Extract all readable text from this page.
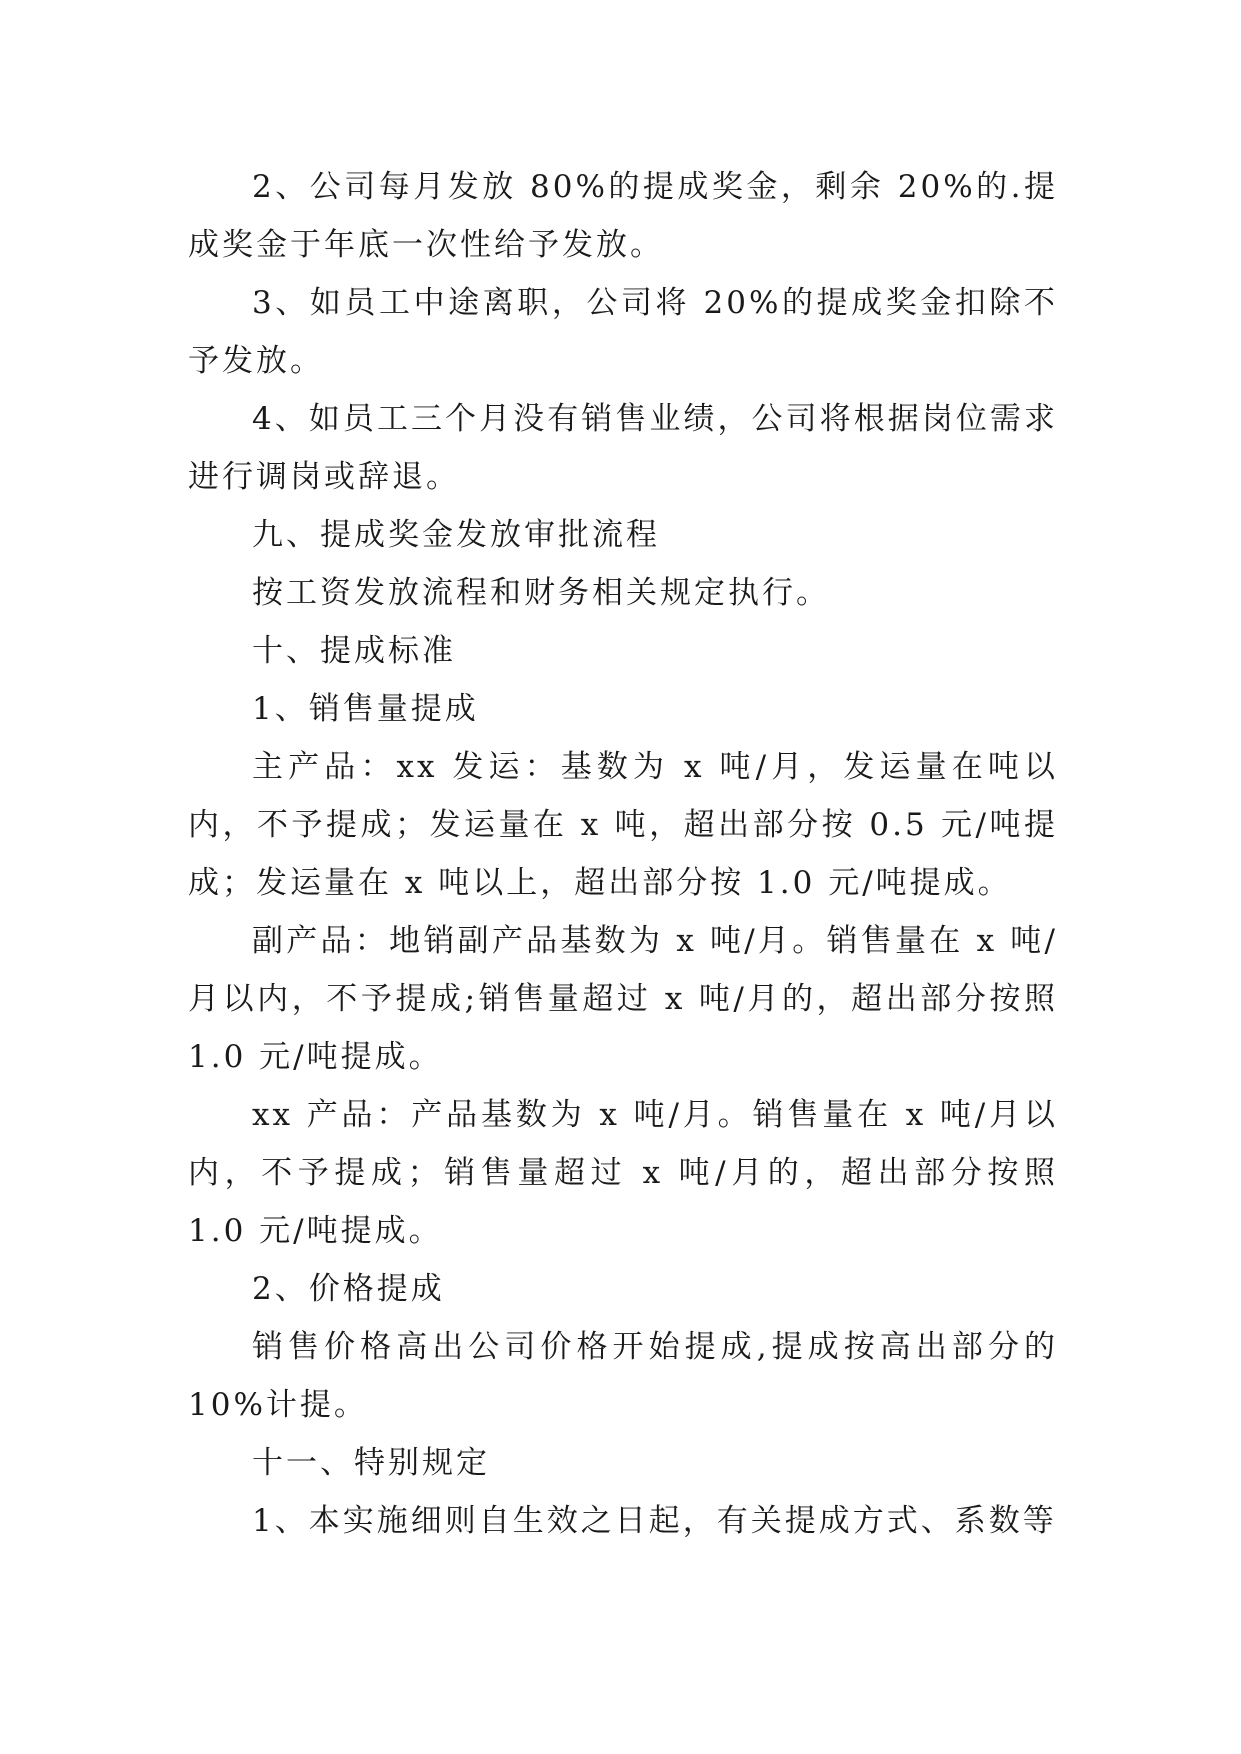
2、公司每月发放 80%的提成奖金，剩余 20%的.提成奖金于年底一次性给予发放。

3、如员工中途离职，公司将 20%的提成奖金扣除不予发放。

4、如员工三个月没有销售业绩，公司将根据岗位需求进行调岗或辞退。

九、提成奖金发放审批流程

按工资发放流程和财务相关规定执行。

十、提成标准

1、销售量提成

主产品：xx 发运：基数为 x 吨/月，发运量在吨以内，不予提成；发运量在 x 吨，超出部分按 0.5 元/吨提成；发运量在 x 吨以上，超出部分按 1.0 元/吨提成。

副产品：地销副产品基数为 x 吨/月。销售量在 x 吨/月以内，不予提成;销售量超过 x 吨/月的，超出部分按照 1.0 元/吨提成。

xx 产品：产品基数为 x 吨/月。销售量在 x 吨/月以内，不予提成；销售量超过 x 吨/月的，超出部分按照 1.0 元/吨提成。

2、价格提成

销售价格高出公司价格开始提成,提成按高出部分的 10%计提。

十一、特别规定

1、本实施细则自生效之日起，有关提成方式、系数等
